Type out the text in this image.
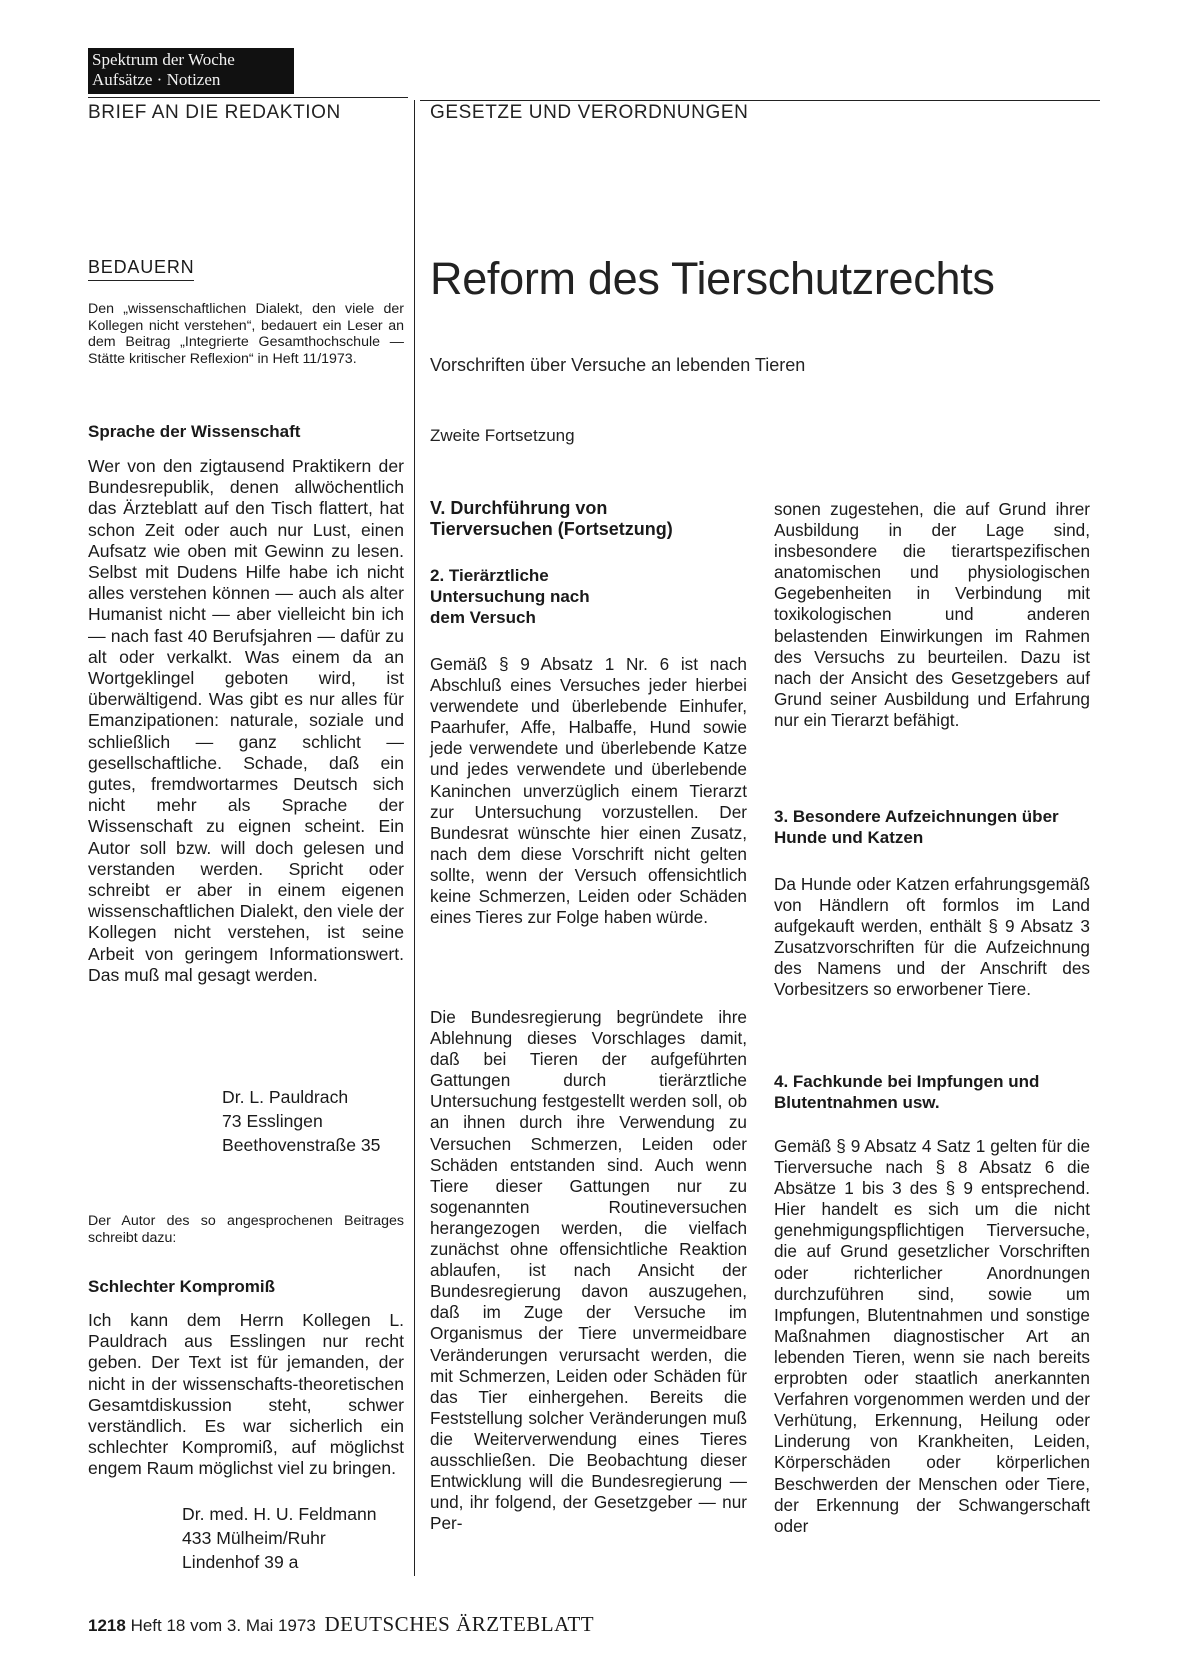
Spektrum der Woche
Aufsätze · Notizen
BRIEF AN DIE REDAKTION
BEDAUERN

Den „wissenschaftlichen Dialekt, den viele der Kollegen nicht verstehen“, bedauert ein Leser an dem Beitrag „Integrierte Gesamthochschule — Stätte kritischer Reflexion“ in Heft 11/1973.

Sprache der Wissenschaft

Wer von den zigtausend Praktikern der Bundesrepublik, denen allwöchentlich das Ärzteblatt auf den Tisch flattert, hat schon Zeit oder auch nur Lust, einen Aufsatz wie oben mit Gewinn zu lesen. Selbst mit Dudens Hilfe habe ich nicht alles verstehen können — auch als alter Humanist nicht — aber vielleicht bin ich — nach fast 40 Berufsjahren — dafür zu alt oder verkalkt. Was einem da an Wortgeklingel geboten wird, ist überwältigend. Was gibt es nur alles für Emanzipationen: naturale, soziale und schließlich — ganz schlicht — gesellschaftliche. Schade, daß ein gutes, fremdwortarmes Deutsch sich nicht mehr als Sprache der Wissenschaft zu eignen scheint. Ein Autor soll bzw. will doch gelesen und verstanden werden. Spricht oder schreibt er aber in einem eigenen wissenschaftlichen Dialekt, den viele der Kollegen nicht verstehen, ist seine Arbeit von geringem Informationswert. Das muß mal gesagt werden.

Dr. L. Pauldrach
73 Esslingen
Beethovenstraße 35

Der Autor des so angesprochenen Beitrages schreibt dazu:

Schlechter Kompromiß

Ich kann dem Herrn Kollegen L. Pauldrach aus Esslingen nur recht geben. Der Text ist für jemanden, der nicht in der wissenschafts-theoretischen Gesamtdiskussion steht, schwer verständlich. Es war sicherlich ein schlechter Kompromiß, auf möglichst engem Raum möglichst viel zu bringen.

Dr. med. H. U. Feldmann
433 Mülheim/Ruhr
Lindenhof 39 a
GESETZE UND VERORDNUNGEN
Reform des Tierschutzrechts
Vorschriften über Versuche an lebenden Tieren
Zweite Fortsetzung
V. Durchführung von Tierversuchen (Fortsetzung)
2. Tierärztliche Untersuchung nach dem Versuch

Gemäß § 9 Absatz 1 Nr. 6 ist nach Abschluß eines Versuches jeder hierbei verwendete und überlebende Einhufer, Paarhufer, Affe, Halbaffe, Hund sowie jede verwendete und überlebende Katze und jedes verwendete und überlebende Kaninchen unverzüglich einem Tierarzt zur Untersuchung vorzustellen. Der Bundesrat wünschte hier einen Zusatz, nach dem diese Vorschrift nicht gelten sollte, wenn der Versuch offensichtlich keine Schmerzen, Leiden oder Schäden eines Tieres zur Folge haben würde.

Die Bundesregierung begründete ihre Ablehnung dieses Vorschlages damit, daß bei Tieren der aufgeführten Gattungen durch tierärztliche Untersuchung festgestellt werden soll, ob an ihnen durch ihre Verwendung zu Versuchen Schmerzen, Leiden oder Schäden entstanden sind. Auch wenn Tiere dieser Gattungen nur zu sogenannten Routineversuchen herangezogen werden, die vielfach zunächst ohne offensichtliche Reaktion ablaufen, ist nach Ansicht der Bundesregierung davon auszugehen, daß im Zuge der Versuche im Organismus der Tiere unvermeidbare Veränderungen verursacht werden, die mit Schmerzen, Leiden oder Schäden für das Tier einhergehen. Bereits die Feststellung solcher Veränderungen muß die Weiterverwendung eines Tieres ausschließen. Die Beobachtung dieser Entwicklung will die Bundesregierung — und, ihr folgend, der Gesetzgeber — nur Per-

sonen zugestehen, die auf Grund ihrer Ausbildung in der Lage sind, insbesondere die tierartspezifischen anatomischen und physiologischen Gegebenheiten in Verbindung mit toxikologischen und anderen belastenden Einwirkungen im Rahmen des Versuchs zu beurteilen. Dazu ist nach der Ansicht des Gesetzgebers auf Grund seiner Ausbildung und Erfahrung nur ein Tierarzt befähigt.

3. Besondere Aufzeichnungen über Hunde und Katzen

Da Hunde oder Katzen erfahrungsgemäß von Händlern oft formlos im Land aufgekauft werden, enthält § 9 Absatz 3 Zusatzvorschriften für die Aufzeichnung des Namens und der Anschrift des Vorbesitzers so erworbener Tiere.

4. Fachkunde bei Impfungen und Blutentnahmen usw.

Gemäß § 9 Absatz 4 Satz 1 gelten für die Tierversuche nach § 8 Absatz 6 die Absätze 1 bis 3 des § 9 entsprechend. Hier handelt es sich um die nicht genehmigungspflichtigen Tierversuche, die auf Grund gesetzlicher Vorschriften oder richterlicher Anordnungen durchzuführen sind, sowie um Impfungen, Blutentnahmen und sonstige Maßnahmen diagnostischer Art an lebenden Tieren, wenn sie nach bereits erprobten oder staatlich anerkannten Verfahren vorgenommen werden und der Verhütung, Erkennung, Heilung oder Linderung von Krankheiten, Leiden, Körperschäden oder körperlichen Beschwerden der Menschen oder Tiere, der Erkennung der Schwangerschaft oder

1218 Heft 18 vom 3. Mai 1973 DEUTSCHES ÄRZTEBLATT
